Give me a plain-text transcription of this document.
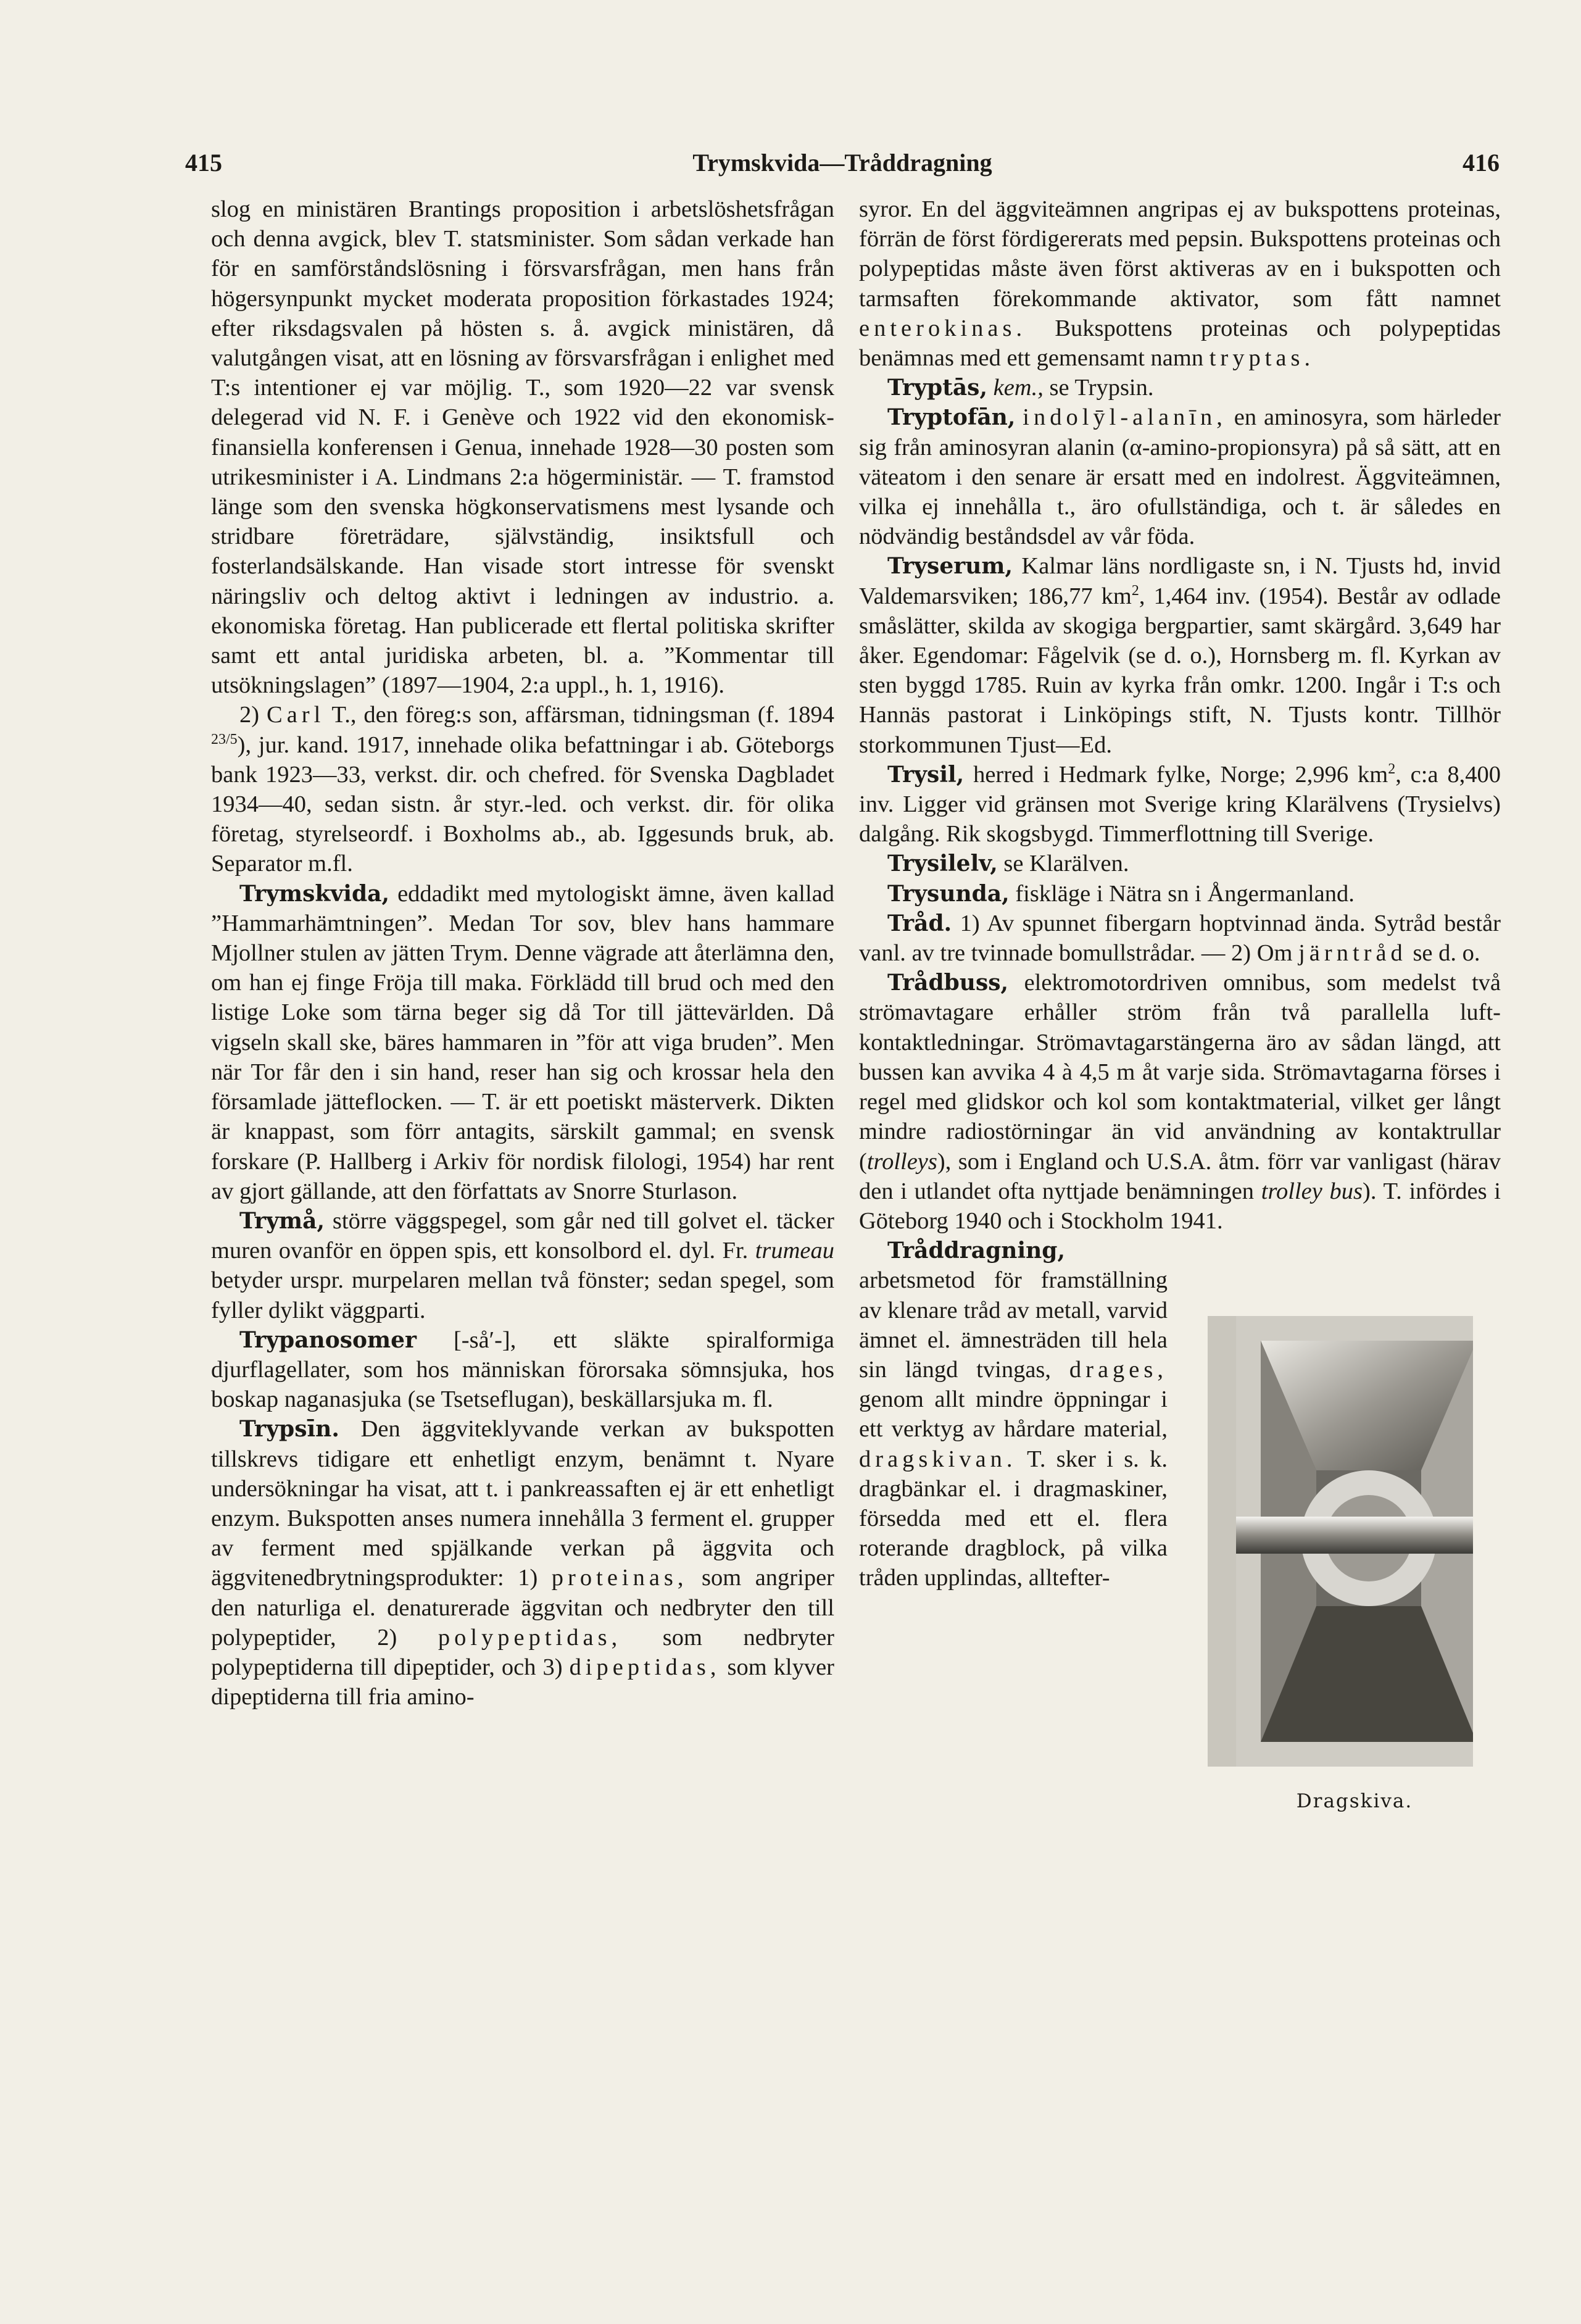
415	Trymskvida—Tråddragning	416

slog en ministären Brantings proposition i arbetslöshetsfrågan och denna avgick, blev T. statsminister. Som sådan verkade han för en samförståndslösning i försvarsfrågan, men hans från högersynpunkt mycket moderata proposition förkastades 1924; efter riksdagsvalen på hösten s. å. avgick ministären, då valutgången visat, att en lösning av försvarsfrågan i enlighet med T:s intentioner ej var möjlig. T., som 1920—22 var svensk delegerad vid N. F. i Genève och 1922 vid den ekonomisk-finansiella konferensen i Genua, innehade 1928—30 posten som utrikesminister i A. Lindmans 2:a högerministär. — T. framstod länge som den svenska högkonservatismens mest lysande och stridbare företrädare, självständig, insiktsfull och fosterlandsälskande. Han visade stort intresse för svenskt näringsliv och deltog aktivt i ledningen av industrio. a. ekonomiska företag. Han publicerade ett flertal politiska skrifter samt ett antal juridiska arbeten, bl. a. ”Kommentar till utsökningslagen” (1897—1904, 2:a uppl., h. 1, 1916).

2) Carl T., den föreg:s son, affärsman, tidningsman (f. 1894 $^{23/5}$), jur. kand. 1917, innehade olika befattningar i ab. Göteborgs bank 1923—33, verkst. dir. och chefred. för Svenska Dagbladet 1934—40, sedan sistn. år styr.-led. och verkst. dir. för olika företag, styrelseordf. i Boxholms ab., ab. Iggesunds bruk, ab. Separator m.fl.

Trymskvida, eddadikt med mytologiskt ämne, även kallad ”Hammarhämtningen”. Medan Tor sov, blev hans hammare Mjollner stulen av jätten Trym. Denne vägrade att återlämna den, om han ej finge Fröja till maka. Förklädd till brud och med den listige Loke som tärna beger sig då Tor till jättevärlden. Då vigseln skall ske, bäres hammaren in ”för att viga bruden”. Men när Tor får den i sin hand, reser han sig och krossar hela den församlade jätteflocken. — T. är ett poetiskt mästerverk. Dikten är knappast, som förr antagits, särskilt gammal; en svensk forskare (P. Hallberg i Arkiv för nordisk filologi, 1954) har rent av gjort gällande, att den författats av Snorre Sturlason.

Trymå, större väggspegel, som går ned till golvet el. täcker muren ovanför en öppen spis, ett konsolbord el. dyl. Fr. trumeau betyder urspr. murpelaren mellan två fönster; sedan spegel, som fyller dylikt väggparti.

Trypanosomer [-så′-], ett släkte spiralformiga djurflagellater, som hos människan förorsaka sömnsjuka, hos boskap naganasjuka (se Tsetseflugan), beskällarsjuka m. fl.

Trypsīn. Den äggviteklyvande verkan av bukspotten tillskrevs tidigare ett enhetligt enzym, benämnt t. Nyare undersökningar ha visat, att t. i pankreassaften ej är ett enhetligt enzym. Bukspotten anses numera innehålla 3 ferment el. grupper av ferment med spjälkande verkan på äggvita och äggvitenedbrytningsprodukter: 1) proteinas, som angriper den naturliga el. denaturerade äggvitan och nedbryter den till polypeptider, 2) polypeptidas, som nedbryter polypeptiderna till dipeptider, och 3) dipeptidas, som klyver dipeptiderna till fria amino-

syror. En del äggviteämnen angripas ej av bukspottens proteinas, förrän de först fördigererats med pepsin. Bukspottens proteinas och polypeptidas måste även först aktiveras av en i bukspotten och tarmsaften förekommande aktivator, som fått namnet enterokinas. Bukspottens proteinas och polypeptidas benämnas med ett gemensamt namn tryptas.

Tryptās, kem., se Trypsin.

Tryptofān, indolȳl-alanīn, en aminosyra, som härleder sig från aminosyran alanin (α-amino-propionsyra) på så sätt, att en väteatom i den senare är ersatt med en indolrest. Äggviteämnen, vilka ej innehålla t., äro ofullständiga, och t. är således en nödvändig beståndsdel av vår föda.

Tryserum, Kalmar läns nordligaste sn, i N. Tjusts hd, invid Valdemarsviken; 186,77 $km^2$, 1,464 inv. (1954). Består av odlade småslätter, skilda av skogiga bergpartier, samt skärgård. 3,649 har åker. Egendomar: Fågelvik (se d. o.), Hornsberg m. fl. Kyrkan av sten byggd 1785. Ruin av kyrka från omkr. 1200. Ingår i T:s och Hannäs pastorat i Linköpings stift, N. Tjusts kontr. Tillhör storkommunen Tjust—Ed.

Trysil, herred i Hedmark fylke, Norge; 2,996 $km^2$, c:a 8,400 inv. Ligger vid gränsen mot Sverige kring Klarälvens (Trysielvs) dalgång. Rik skogsbygd. Timmerflottning till Sverige.

Trysilelv, se Klarälven.

Trysunda, fiskläge i Nätra sn i Ångermanland.

Tråd. 1) Av spunnet fibergarn hoptvinnad ända. Sytråd består vanl. av tre tvinnade bomullstrådar. — 2) Om järntråd se d. o.

Trådbuss, elektromotordriven omnibus, som medelst två strömavtagare erhåller ström från två parallella luft-kontaktledningar. Strömavtagarstängerna äro av sådan längd, att bussen kan avvika 4 à 4,5 m åt varje sida. Strömavtagarna förses i regel med glidskor och kol som kontaktmaterial, vilket ger långt mindre radiostörningar än vid användning av kontaktrullar (trolleys), som i England och U.S.A. åtm. förr var vanligast (härav den i utlandet ofta nyttjade benämningen trolley bus). T. infördes i Göteborg 1940 och i Stockholm 1941.

Dragskiva.
Tråddragning, arbetsmetod för framställning av klenare tråd av metall, varvid ämnet el. ämnesträden till hela sin längd tvingas, drages, genom allt mindre öppningar i ett verktyg av hårdare material, dragskivan. T. sker i s. k. dragbänkar el. i dragmaskiner, försedda med ett el. flera roterande dragblock, på vilka tråden upplindas, alltefter-
